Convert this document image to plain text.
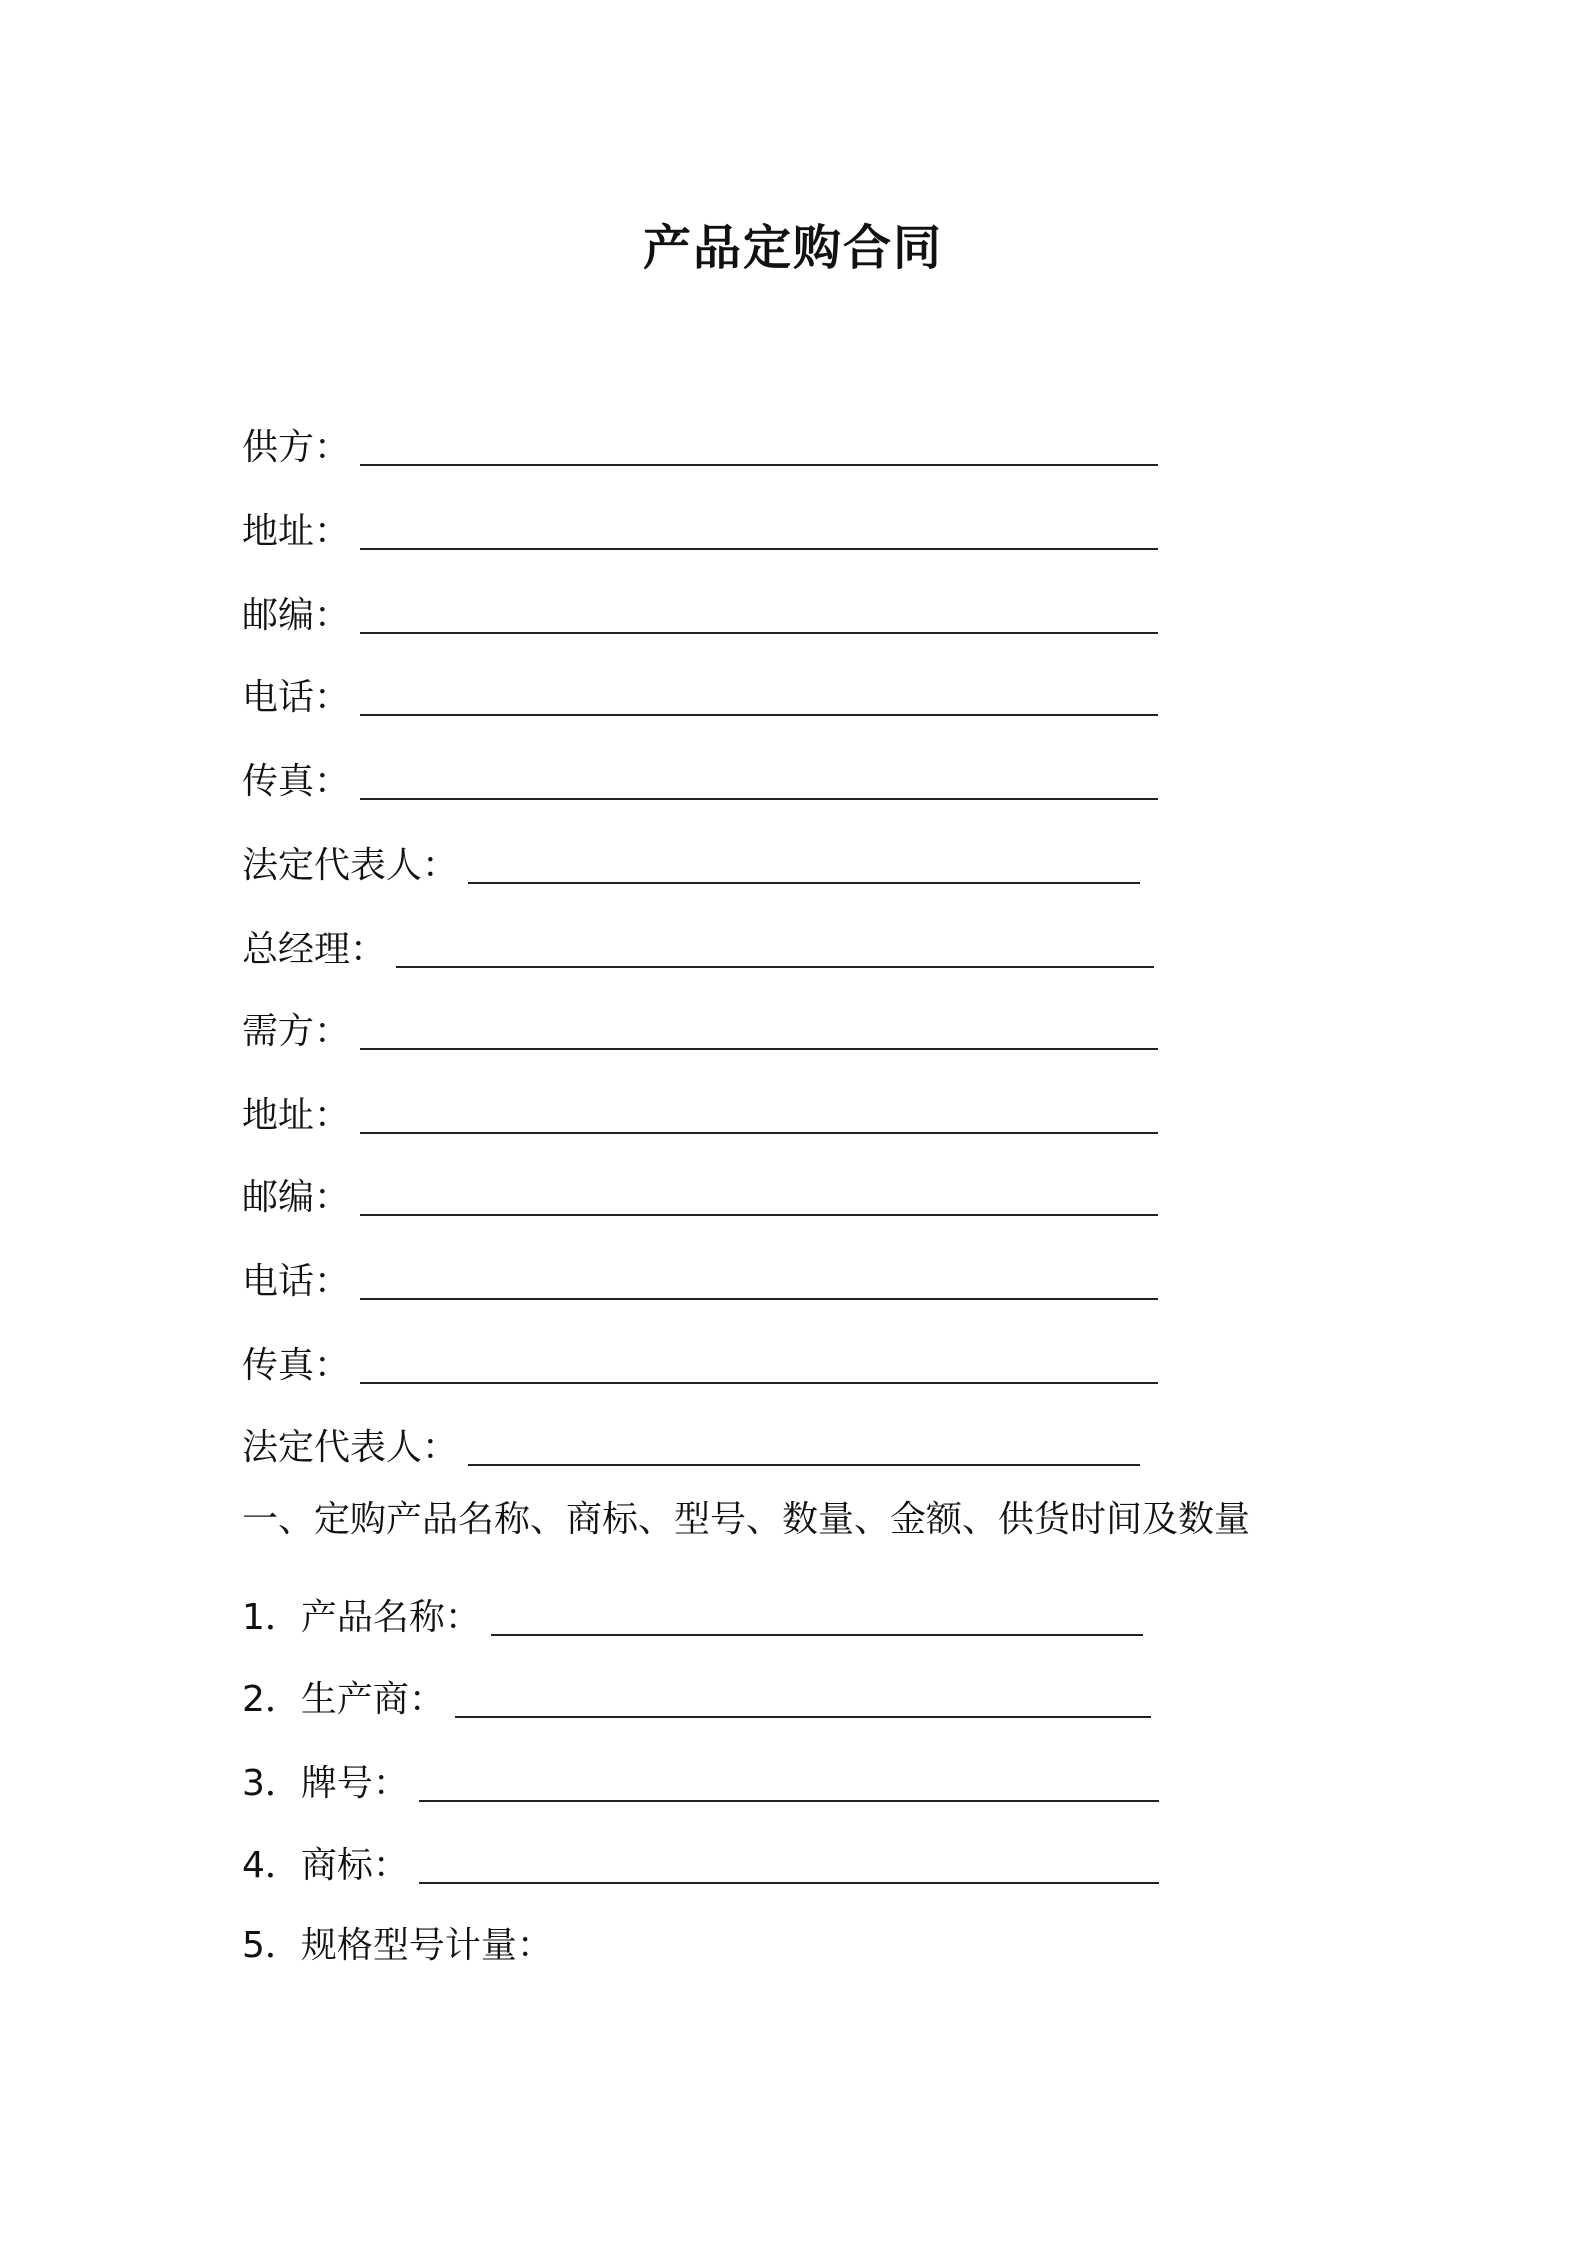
产品定购合同
供方：
地址：
邮编：
电话：
传真：
法定代表人：
总经理：
需方：
地址：
邮编：
电话：
传真：
法定代表人：
一、定购产品名称、商标、型号、数量、金额、供货时间及数量
1．产品名称：
2．生产商：
3．牌号：
4．商标：
5．规格型号计量：
